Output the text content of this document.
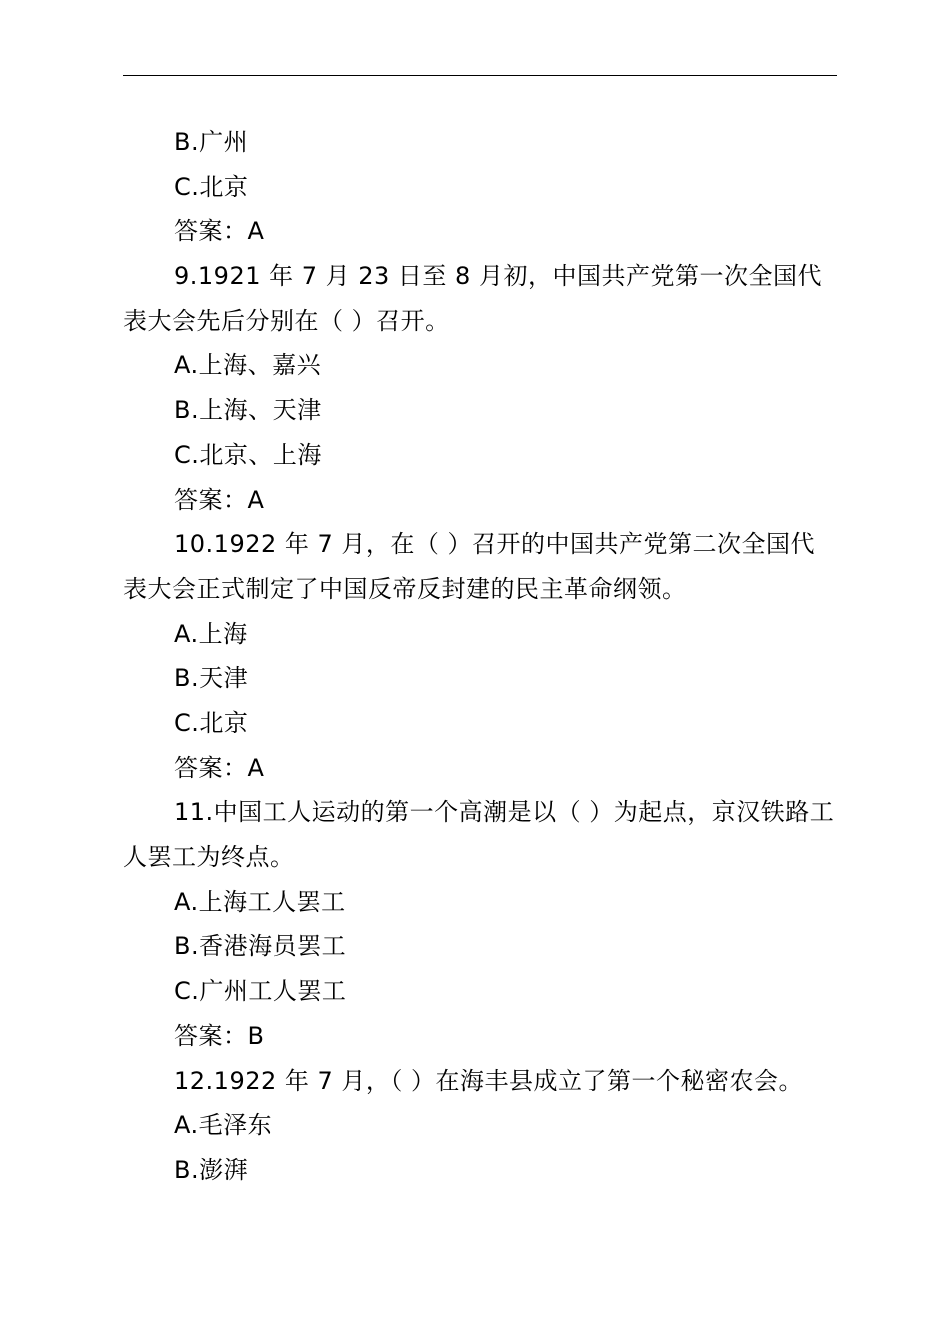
B.广州
C.北京
答案：A
9.1921 年 7 月 23 日至 8 月初，中国共产党第一次全国代表大会先后分别在（ ）召开。
A.上海、嘉兴
B.上海、天津
C.北京、上海
答案：A
10.1922 年 7 月，在（ ）召开的中国共产党第二次全国代表大会正式制定了中国反帝反封建的民主革命纲领。
A.上海
B.天津
C.北京
答案：A
11.中国工人运动的第一个高潮是以（ ）为起点，京汉铁路工人罢工为终点。
A.上海工人罢工
B.香港海员罢工
C.广州工人罢工
答案：B
12.1922 年 7 月，（ ）在海丰县成立了第一个秘密农会。
A.毛泽东
B.澎湃
